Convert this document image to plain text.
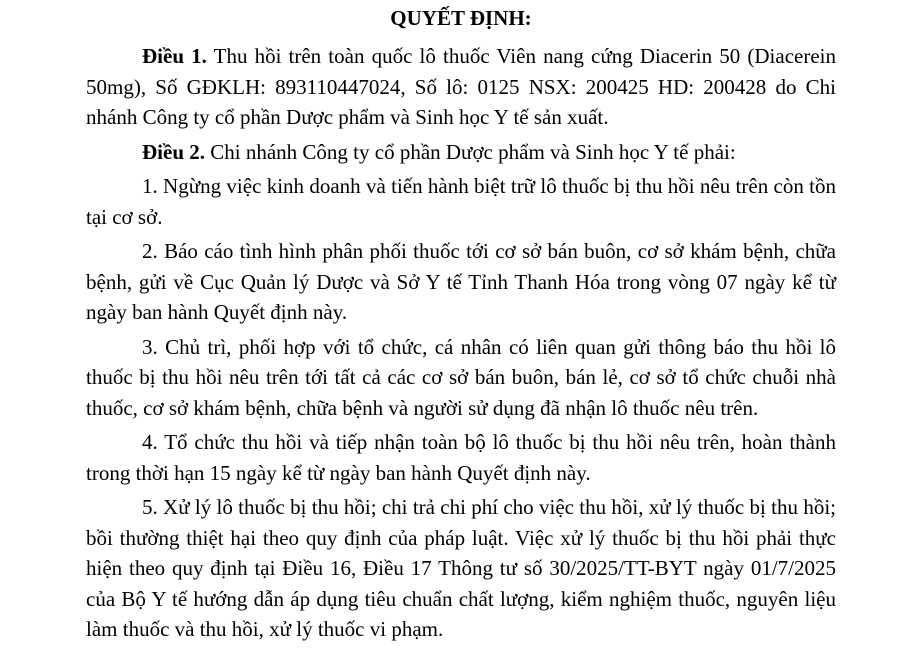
QUYẾT ĐỊNH:

Điều 1. Thu hồi trên toàn quốc lô thuốc Viên nang cứng Diacerin 50 (Diacerein 50mg), Số GĐKLH: 893110447024, Số lô: 0125 NSX: 200425 HD: 200428 do Chi nhánh Công ty cổ phần Dược phẩm và Sinh học Y tế sản xuất.

Điều 2. Chi nhánh Công ty cổ phần Dược phẩm và Sinh học Y tế phải:

1. Ngừng việc kinh doanh và tiến hành biệt trữ lô thuốc bị thu hồi nêu trên còn tồn tại cơ sở.

2. Báo cáo tình hình phân phối thuốc tới cơ sở bán buôn, cơ sở khám bệnh, chữa bệnh, gửi về Cục Quản lý Dược và Sở Y tế Tỉnh Thanh Hóa trong vòng 07 ngày kể từ ngày ban hành Quyết định này.

3. Chủ trì, phối hợp với tổ chức, cá nhân có liên quan gửi thông báo thu hồi lô thuốc bị thu hồi nêu trên tới tất cả các cơ sở bán buôn, bán lẻ, cơ sở tổ chức chuỗi nhà thuốc, cơ sở khám bệnh, chữa bệnh và người sử dụng đã nhận lô thuốc nêu trên.

4. Tổ chức thu hồi và tiếp nhận toàn bộ lô thuốc bị thu hồi nêu trên, hoàn thành trong thời hạn 15 ngày kể từ ngày ban hành Quyết định này.

5. Xử lý lô thuốc bị thu hồi; chi trả chi phí cho việc thu hồi, xử lý thuốc bị thu hồi; bồi thường thiệt hại theo quy định của pháp luật. Việc xử lý thuốc bị thu hồi phải thực hiện theo quy định tại Điều 16, Điều 17 Thông tư số 30/2025/TT-BYT ngày 01/7/2025 của Bộ Y tế hướng dẫn áp dụng tiêu chuẩn chất lượng, kiểm nghiệm thuốc, nguyên liệu làm thuốc và thu hồi, xử lý thuốc vi phạm.
